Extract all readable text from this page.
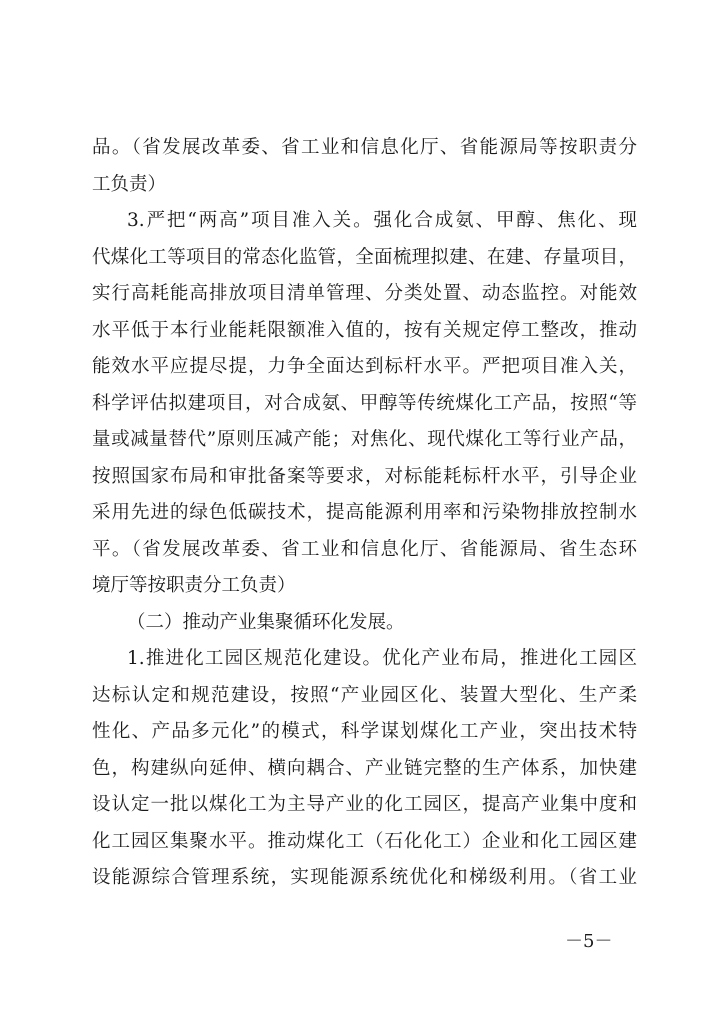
品。（省发展改革委、省工业和信息化厅、省能源局等按职责分
工负责）
3.严把“两高”项目准入关。强化合成氨、甲醇、焦化、现
代煤化工等项目的常态化监管，全面梳理拟建、在建、存量项目，
实行高耗能高排放项目清单管理、分类处置、动态监控。对能效
水平低于本行业能耗限额准入值的，按有关规定停工整改，推动
能效水平应提尽提，力争全面达到标杆水平。严把项目准入关，
科学评估拟建项目，对合成氨、甲醇等传统煤化工产品，按照“等
量或减量替代”原则压减产能；对焦化、现代煤化工等行业产品，
按照国家布局和审批备案等要求，对标能耗标杆水平，引导企业
采用先进的绿色低碳技术，提高能源利用率和污染物排放控制水
平。（省发展改革委、省工业和信息化厅、省能源局、省生态环
境厅等按职责分工负责）
（二）推动产业集聚循环化发展。
1.推进化工园区规范化建设。优化产业布局，推进化工园区
达标认定和规范建设，按照“产业园区化、装置大型化、生产柔
性化、产品多元化”的模式，科学谋划煤化工产业，突出技术特
色，构建纵向延伸、横向耦合、产业链完整的生产体系，加快建
设认定一批以煤化工为主导产业的化工园区，提高产业集中度和
化工园区集聚水平。推动煤化工（石化化工）企业和化工园区建
设能源综合管理系统，实现能源系统优化和梯级利用。（省工业
－5－
